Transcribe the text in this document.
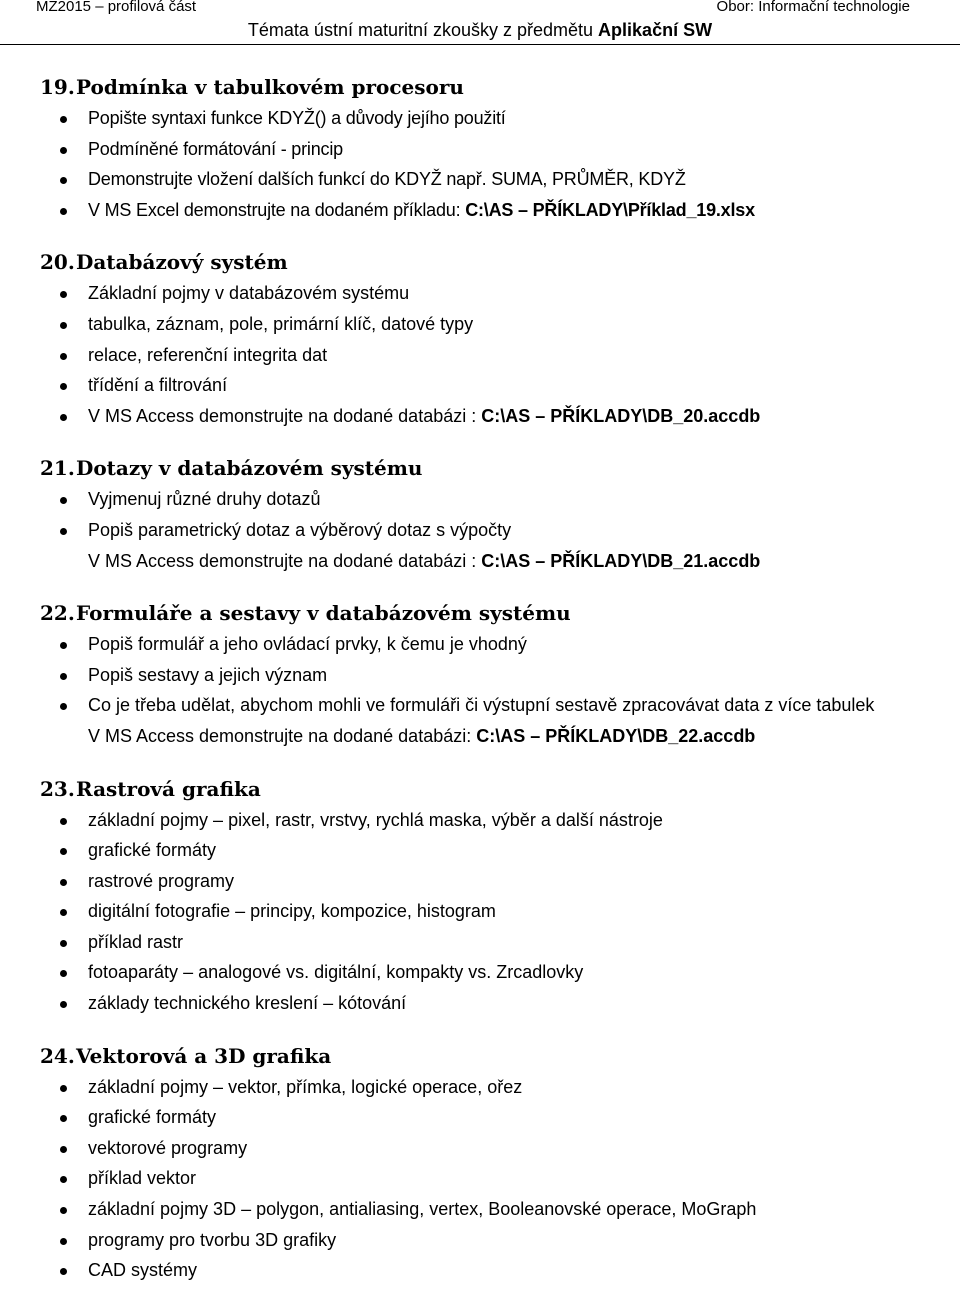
MZ2015 – profilová část	Obor: Informační technologie
Témata ústní maturitní zkoušky z předmětu Aplikační SW
19. Podmínka v tabulkovém procesoru
Popište syntaxi funkce KDYŽ() a důvody jejího použití
Podmíněné formátování - princip
Demonstrujte vložení dalších funkcí do KDYŽ např. SUMA, PRŮMĚR, KDYŽ
V MS Excel demonstrujte na dodaném příkladu: C:\AS – PŘÍKLADY\Příklad_19.xlsx
20. Databázový systém
Základní pojmy v databázovém systému
tabulka, záznam, pole, primární klíč, datové typy
relace, referenční integrita dat
třídění a filtrování
V MS Access demonstrujte na dodané databázi : C:\AS – PŘÍKLADY\DB_20.accdb
21. Dotazy v databázovém systému
Vyjmenuj různé druhy dotazů
Popiš parametrický dotaz a výběrový dotaz s výpočty
V MS Access demonstrujte na dodané databázi : C:\AS – PŘÍKLADY\DB_21.accdb
22. Formuláře a sestavy v databázovém systému
Popiš formulář a jeho ovládací prvky, k čemu je vhodný
Popiš sestavy a jejich význam
Co je třeba udělat, abychom mohli ve formuláři či výstupní sestavě zpracovávat data z více tabulek
V MS Access demonstrujte na dodané databázi: C:\AS – PŘÍKLADY\DB_22.accdb
23. Rastrová grafika
základní pojmy – pixel, rastr, vrstvy, rychlá maska, výběr a další nástroje
grafické formáty
rastrové programy
digitální fotografie – principy, kompozice, histogram
příklad rastr
fotoaparáty – analogové vs. digitální, kompakty vs. Zrcadlovky
základy technického kreslení – kótování
24. Vektorová a 3D grafika
základní pojmy – vektor, přímka, logické operace, ořez
grafické formáty
vektorové programy
příklad vektor
základní pojmy 3D – polygon, antialiasing, vertex, Booleanovské operace, MoGraph
programy pro tvorbu 3D grafiky
CAD systémy
